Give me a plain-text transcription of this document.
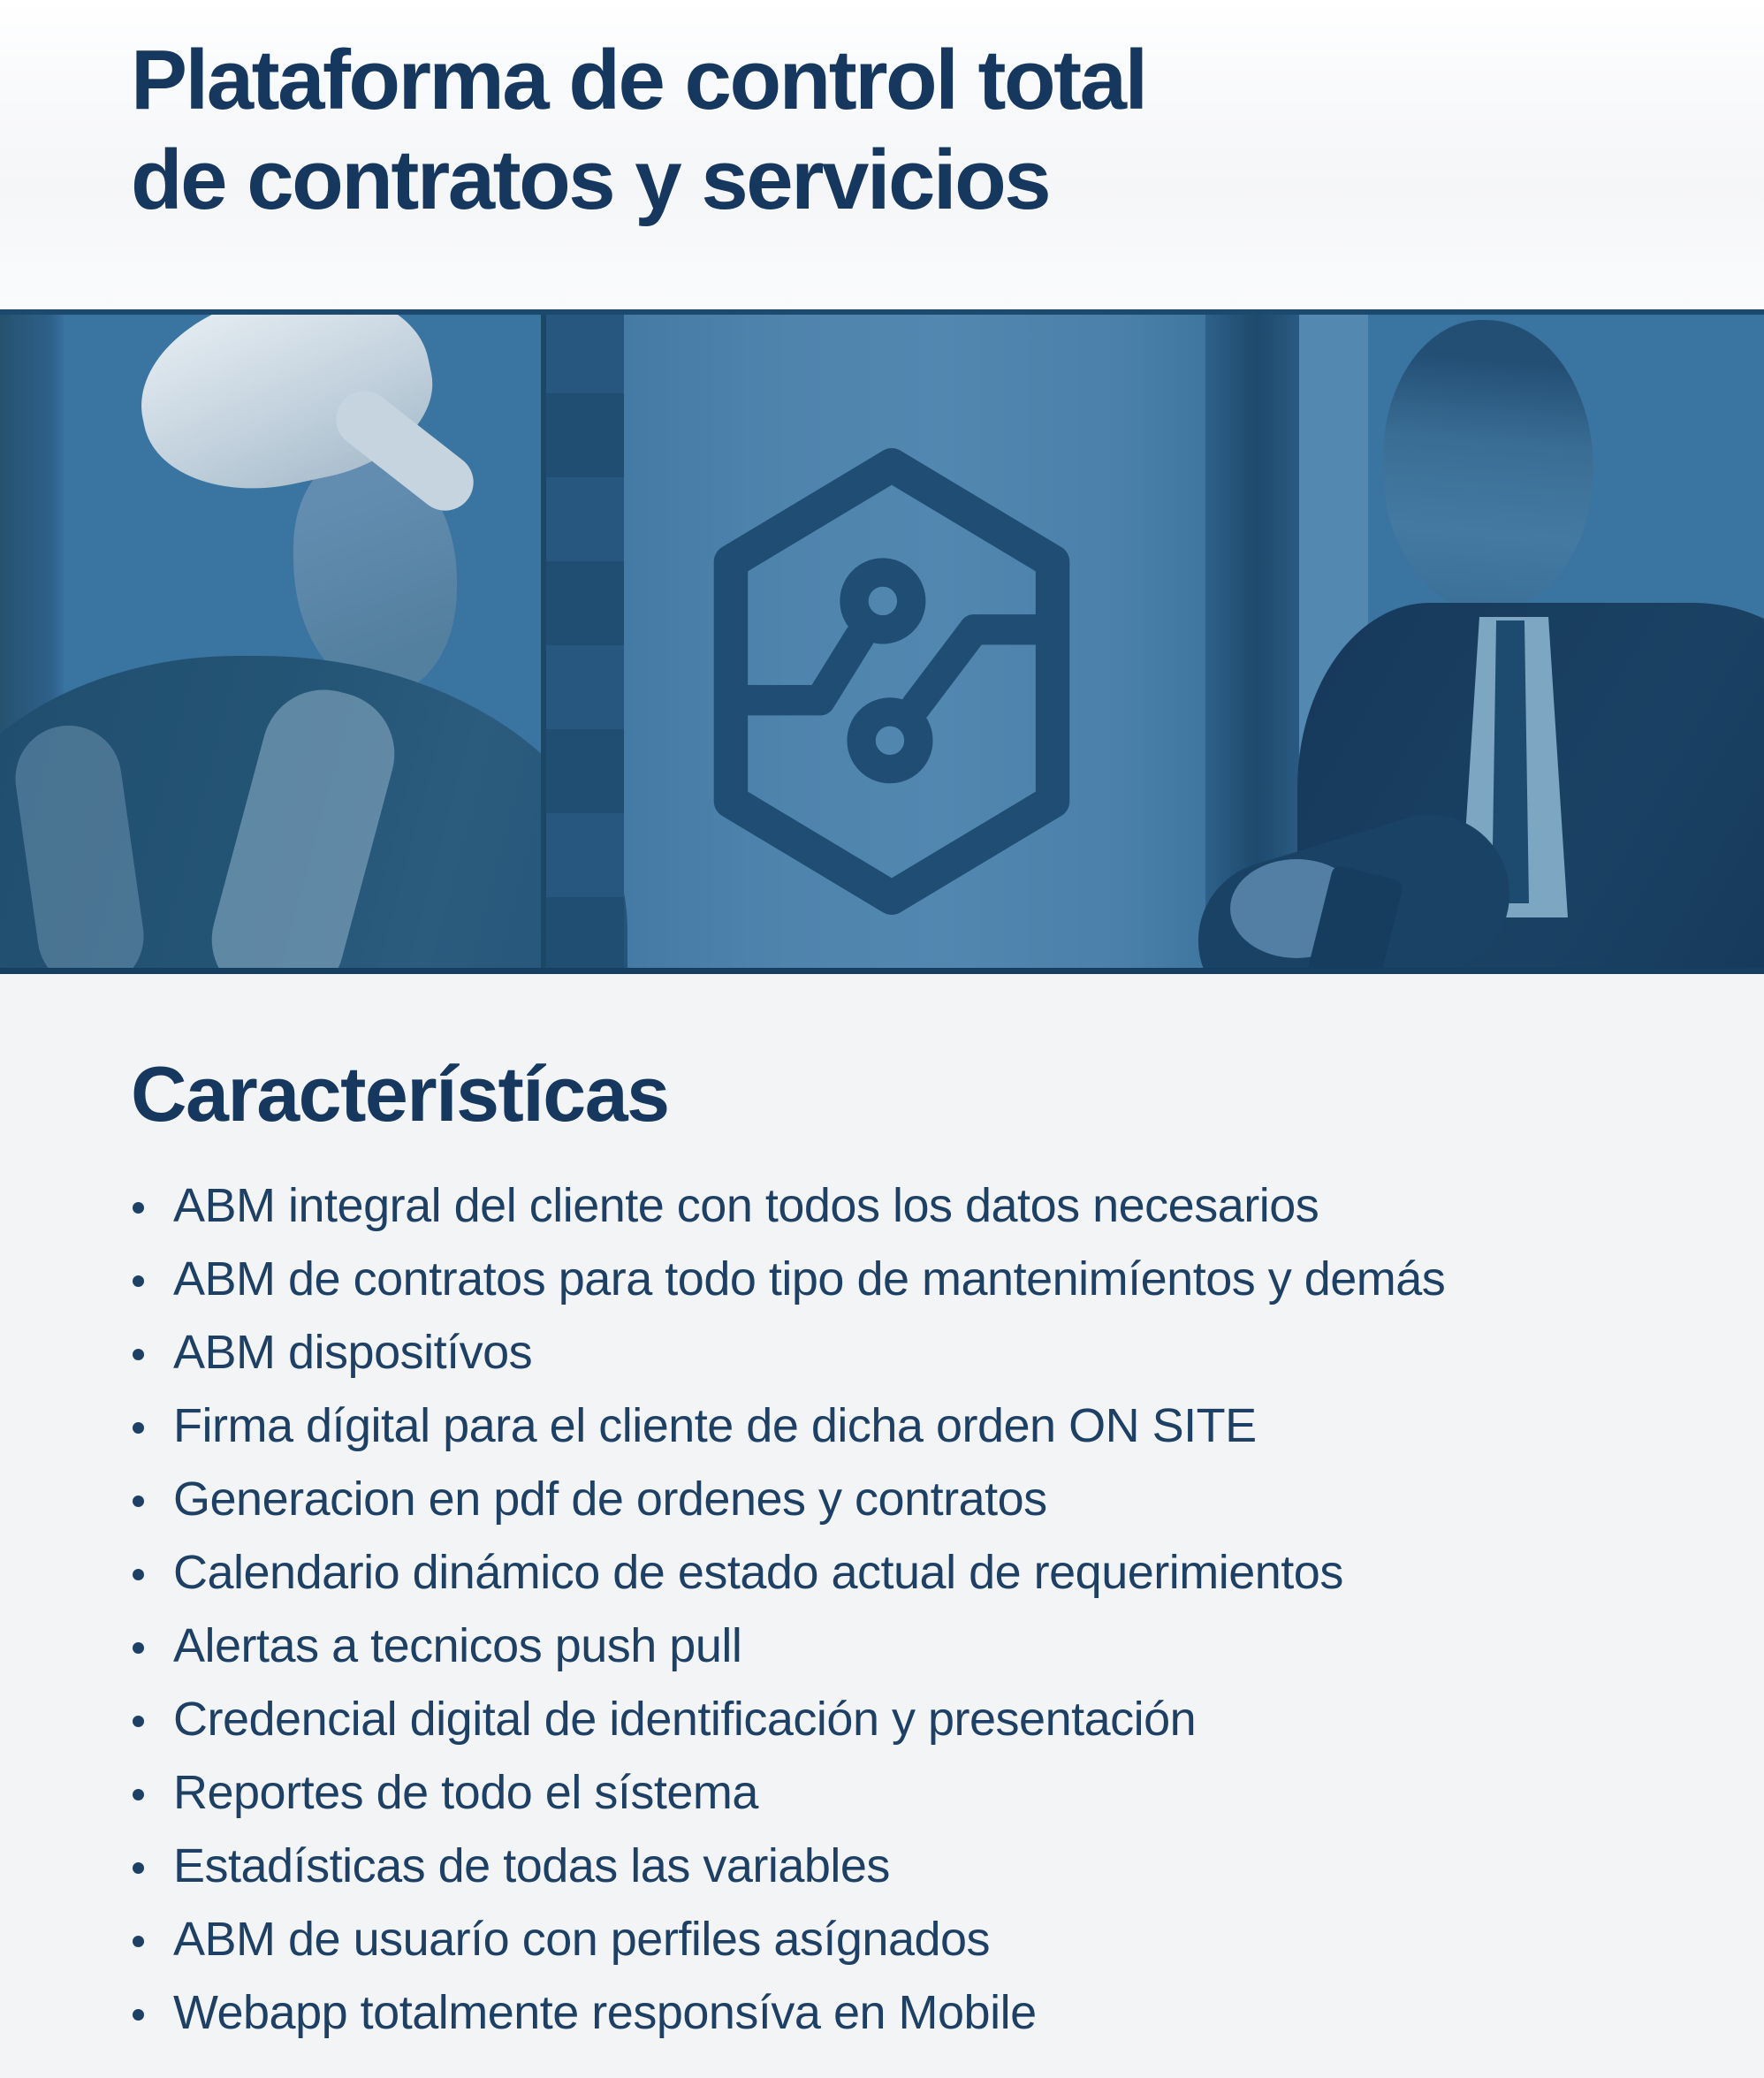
Plataforma de control total
de contratos y servicios
Característícas
ABM integral del cliente con todos los datos necesarios
ABM de contratos para todo tipo de mantenimíentos y demás
ABM dispositívos
Firma dígital para el cliente de dicha orden ON SITE
Generacion en pdf de ordenes y contratos
Calendario dinámico de estado actual de requerimientos
Alertas a tecnicos push pull
Credencial digital de identificación y presentación
Reportes de todo el sístema
Estadísticas de todas las variables
ABM de usuarío con perfiles asígnados
Webapp totalmente responsíva en Mobile
